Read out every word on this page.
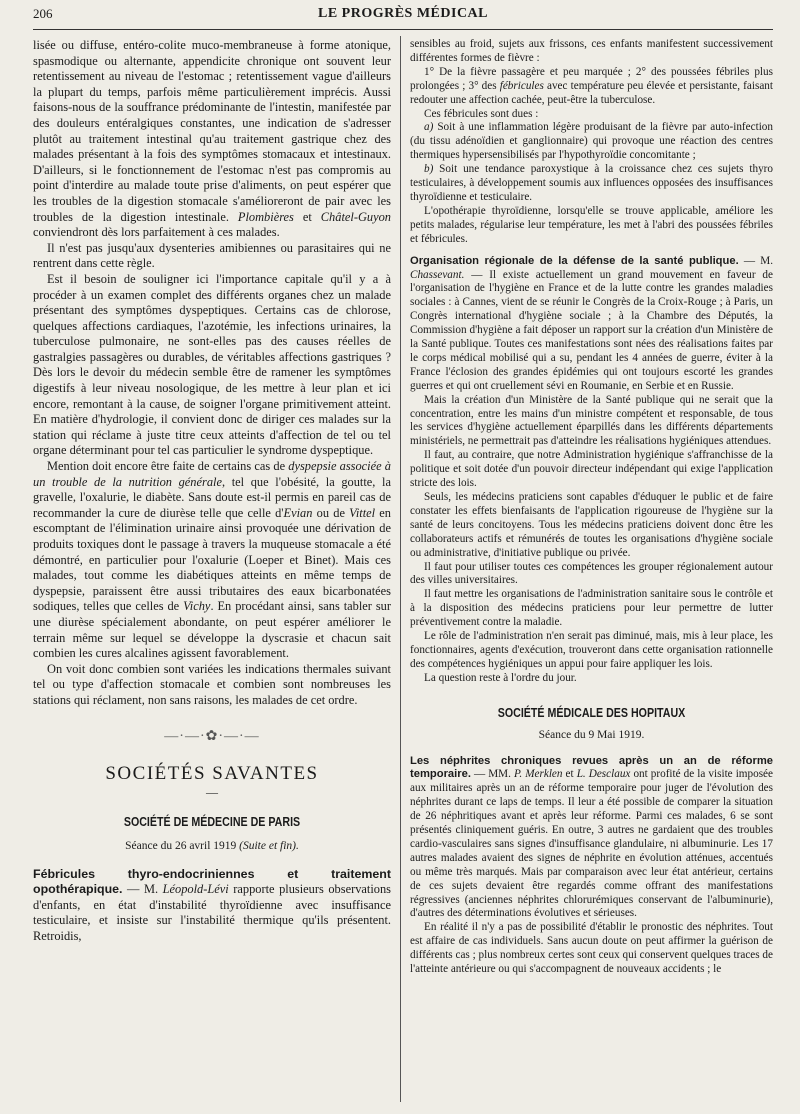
206	LE PROGRÈS MÉDICAL

lisée ou diffuse, entéro-colite muco-membraneuse à forme atonique, spasmodique ou alternante, appendicite chronique ont souvent leur retentissement au niveau de l'estomac ; retentissement vague d'ailleurs la plupart du temps, parfois même particulièrement imprécis. Aussi faisons-nous de la souffrance prédominante de l'intestin, manifestée par des douleurs entéralgiques constantes, une indication de s'adresser plutôt au traitement intestinal qu'au traitement gastrique chez des malades présentant à la fois des symptômes stomacaux et intestinaux. D'ailleurs, si le fonctionnement de l'estomac n'est pas compromis au point d'interdire au malade toute prise d'aliments, on peut espérer que les troubles de la digestion stomacale s'amélioreront de pair avec les troubles de la digestion intestinale. Plombières et Châtel-Guyon conviendront dès lors parfaitement à ces malades.

Il n'est pas jusqu'aux dysenteries amibiennes ou parasitaires qui ne rentrent dans cette règle.

Est il besoin de souligner ici l'importance capitale qu'il y a à procéder à un examen complet des différents organes chez un malade présentant des symptômes dyspeptiques. Certains cas de chlorose, quelques affections cardiaques, l'azotémie, les infections urinaires, la tuberculose pulmonaire, ne sont-elles pas des causes réelles de gastralgies passagères ou durables, de véritables affections gastriques ? Dès lors le devoir du médecin semble être de ramener les symptômes digestifs à leur niveau nosologique, de les mettre à leur plan et ici encore, remontant à la cause, de soigner l'organe primitivement atteint. En matière d'hydrologie, il convient donc de diriger ces malades sur la station qui réclame à juste titre ceux atteints d'affection de tel ou tel organe déterminant pour tel cas particulier le syndrome dyspeptique.

Mention doit encore être faite de certains cas de dyspepsie associée à un trouble de la nutrition générale, tel que l'obésité, la goutte, la gravelle, l'oxalurie, le diabète. Sans doute est-il permis en pareil cas de recommander la cure de diurèse telle que celle d'Evian ou de Vittel en escomptant de l'élimination urinaire ainsi provoquée une dérivation de produits toxiques dont le passage à travers la muqueuse stomacale a été démontré, en particulier pour l'oxalurie (Loeper et Binet). Mais ces malades, tout comme les diabétiques atteints en même temps de dyspepsie, paraissent être aussi tributaires des eaux bicarbonatées sodiques, telles que celles de Vichy. En procédant ainsi, sans tabler sur une diurèse spécialement abondante, on peut espérer améliorer le terrain même sur lequel se développe la dyscrasie et chacun sait combien les cures alcalines agissent favorablement.

On voit donc combien sont variées les indications thermales suivant tel ou type d'affection stomacale et combien sont nombreuses les stations qui réclament, non sans raisons, les malades de cet ordre.

—·—·✿·—·—
SOCIÉTÉS SAVANTES
—
SOCIÉTÉ DE MÉDECINE DE PARIS
Séance du 26 avril 1919 (Suite et fin).

Fébricules thyro-endocriniennes et traitement opothérapique. — M. Léopold-Lévi rapporte plusieurs observations d'enfants, en état d'instabilité thyroïdienne avec insuffisance testiculaire, et insiste sur l'instabilité thermique qu'ils présentent. Retroidis,

sensibles au froid, sujets aux frissons, ces enfants manifestent successivement différentes formes de fièvre :

1° De la fièvre passagère et peu marquée ; 2° des poussées fébriles plus prolongées ; 3° des fébricules avec température peu élevée et persistante, faisant redouter une affection cachée, peut-être la tuberculose.

Ces fébricules sont dues :

a) Soit à une inflammation légère produisant de la fièvre par auto-infection (du tissu adénoïdien et ganglionnaire) qui provoque une réaction des centres thermiques hypersensibilisés par l'hypothyroïdie concomitante ;

b) Soit une tendance paroxystique à la croissance chez ces sujets thyro testiculaires, à développement soumis aux influences opposées des insuffisances thyroïdienne et testiculaire.

L'opothérapie thyroïdienne, lorsqu'elle se trouve applicable, améliore les petits malades, régularise leur température, les met à l'abri des poussées fébriles et fébricules.

Organisation régionale de la défense de la santé publique. — M. Chassevant. — Il existe actuellement un grand mouvement en faveur de l'organisation de l'hygiène en France et de la lutte contre les grandes maladies sociales : à Cannes, vient de se réunir le Congrès de la Croix-Rouge ; à Paris, un Congrès international d'hygiène sociale ; à la Chambre des Députés, la Commission d'hygiène a fait déposer un rapport sur la création d'un Ministère de la Santé publique. Toutes ces manifestations sont nées des réalisations faites par le corps médical mobilisé qui a su, pendant les 4 années de guerre, éviter à la France l'éclosion des grandes épidémies qui ont toujours escorté les grandes guerres et qui ont cruellement sévi en Roumanie, en Serbie et en Russie.

Mais la création d'un Ministère de la Santé publique qui ne serait que la concentration, entre les mains d'un ministre compétent et responsable, de tous les services d'hygiène actuellement éparpillés dans les différents départements ministériels, ne permettrait pas d'atteindre les réalisations hygiéniques attendues.

Il faut, au contraire, que notre Administration hygiénique s'affranchisse de la politique et soit dotée d'un pouvoir directeur indépendant qui exige l'application stricte des lois.

Seuls, les médecins praticiens sont capables d'éduquer le public et de faire constater les effets bienfaisants de l'application rigoureuse de l'hygiène sur la santé de leurs concitoyens. Tous les médecins praticiens doivent donc être les collaborateurs actifs et rémunérés de toutes les organisations d'hygiène sociale ou administrative, d'initiative publique ou privée.

Il faut pour utiliser toutes ces compétences les grouper régionalement autour des villes universitaires.

Il faut mettre les organisations de l'administration sanitaire sous le contrôle et à la disposition des médecins praticiens pour leur permettre de lutter préventivement contre la maladie.

Le rôle de l'administration n'en serait pas diminué, mais, mis à leur place, les fonctionnaires, agents d'exécution, trouveront dans cette organisation rationnelle des compétences hygiéniques un appui pour faire appliquer les lois.

La question reste à l'ordre du jour.

SOCIÉTÉ MÉDICALE DES HOPITAUX
Séance du 9 Mai 1919.

Les néphrites chroniques revues après un an de réforme temporaire. — MM. P. Merklen et L. Desclaux ont profité de la visite imposée aux militaires après un an de réforme temporaire pour juger de l'évolution des néphrites durant ce laps de temps. Il leur a été possible de comparer la situation de 26 néphritiques avant et après leur réforme. Parmi ces malades, 6 se sont présentés cliniquement guéris. En outre, 3 autres ne gardaient que des troubles cardio-vasculaires sans signes d'insuffisance glandulaire, ni albuminurie. Les 17 autres malades avaient des signes de néphrite en évolution atténues, accentués ou même très marqués. Mais par comparaison avec leur état antérieur, certains de ces sujets devaient être regardés comme offrant des manifestations régressives (anciennes néphrites chlorurémiques conservant de l'albuminurie), d'autres des déterminations évolutives et sérieuses.

En réalité il n'y a pas de possibilité d'établir le pronostic des néphrites. Tout est affaire de cas individuels. Sans aucun doute on peut affirmer la guérison de différents cas ; plus nombreux certes sont ceux qui conservent quelques traces de l'atteinte antérieure ou qui s'accompagnent de nouveaux accidents ; le
